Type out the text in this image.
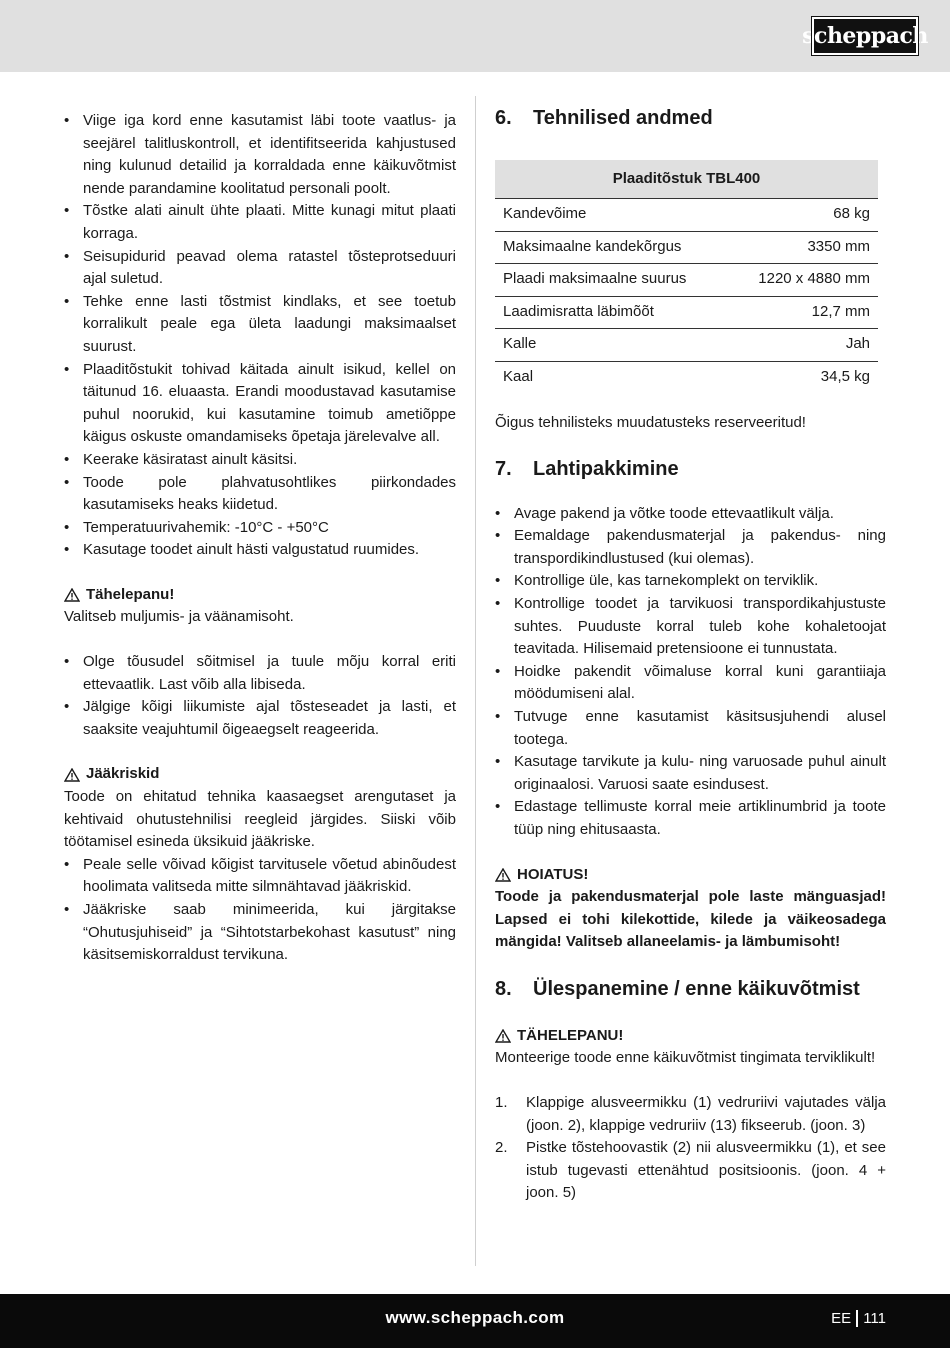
scheppach
• Viige iga kord enne kasutamist läbi toote vaatlus- ja seejärel talitluskontroll, et identifitseerida kahjustused ning kulunud detailid ja korraldada enne käikuvõtmist nende parandamine koolitatud personali poolt.
• Tõstke alati ainult ühte plaati. Mitte kunagi mitut plaati korraga.
• Seisupidurid peavad olema ratastel tõsteprotseduuri ajal suletud.
• Tehke enne lasti tõstmist kindlaks, et see toetub korralikult peale ega ületa laadungi maksimaalset suurust.
• Plaaditõstukit tohivad käitada ainult isikud, kellel on täitunud 16. eluaasta. Erandi moodustavad kasutamise puhul noorukid, kui kasutamine toimub ametiõppe käigus oskuste omandamiseks õpetaja järelevalve all.
• Keerake käsiratast ainult käsitsi.
• Toode pole plahvatusohtlikes piirkondades kasutamiseks heaks kiidetud.
• Temperatuurivahemik: -10°C - +50°C
• Kasutage toodet ainult hästi valgustatud ruumides.
Tähelepanu!
Valitseb muljumis- ja väänamisoht.
• Olge tõusudel sõitmisel ja tuule mõju korral eriti ettevaatlik. Last võib alla libiseda.
• Jälgige kõigi liikumiste ajal tõsteseadet ja lasti, et saaksite veajuhtumil õigeaegselt reageerida.
Jääkriskid
Toode on ehitatud tehnika kaasaegset arengutaset ja kehtivaid ohutustehnilisi reegleid järgides. Siiski võib töötamisel esineda üksikuid jääkriske.
• Peale selle võivad kõigist tarvitusele võetud abinõudest hoolimata valitseda mitte silmnähtavad jääkriskid.
• Jääkriske saab minimeerida, kui järgitakse “Ohutusjuhiseid” ja “Sihtotstarbekohast kasutust” ning käsitsemiskorraldust tervikuna.
6.	Tehnilised andmed
Plaaditõstuk TBL400	
Kandevõime	68 kg
Maksimaalne kandekõrgus	3350 mm
Plaadi maksimaalne suurus	1220 x 4880 mm
Laadimisratta läbimõõt	12,7 mm
Kalle	Jah
Kaal	34,5 kg
Õigus tehnilisteks muudatusteks reserveeritud!
7.	Lahtipakkimine
• Avage pakend ja võtke toode ettevaatlikult välja.
• Eemaldage pakendusmaterjal ja pakendus- ning transpordikindlustused (kui olemas).
• Kontrollige üle, kas tarnekomplekt on terviklik.
• Kontrollige toodet ja tarvikuosi transpordikahjustuste suhtes. Puuduste korral tuleb kohe kohaletoojat teavitada. Hilisemaid pretensioone ei tunnustata.
• Hoidke pakendit võimaluse korral kuni garantiiaja möödumiseni alal.
• Tutvuge enne kasutamist käsitsusjuhendi alusel tootega.
• Kasutage tarvikute ja kulu- ning varuosade puhul ainult originaalosi. Varuosi saate esindusest.
• Edastage tellimuste korral meie artiklinumbrid ja toote tüüp ning ehitusaasta.
HOIATUS!
Toode ja pakendusmaterjal pole laste mänguasjad! Lapsed ei tohi kilekottide, kilede ja väikeosadega mängida! Valitseb allaneelamis- ja lämbumisoht!
8.	Ülespanemine / enne käikuvõtmist
TÄHELEPANU!
Monteerige toode enne käikuvõtmist tingimata terviklikult!
1. Klappige alusveermikku (1) vedruriivi vajutades välja (joon. 2), klappige vedruriiv (13) fikseerub. (joon. 3)
2. Pistke tõstehoovastik (2) nii alusveermikku (1), et see istub tugevasti ettenähtud positsioonis. (joon. 4 + joon. 5)
www.scheppach.com	EE 111
